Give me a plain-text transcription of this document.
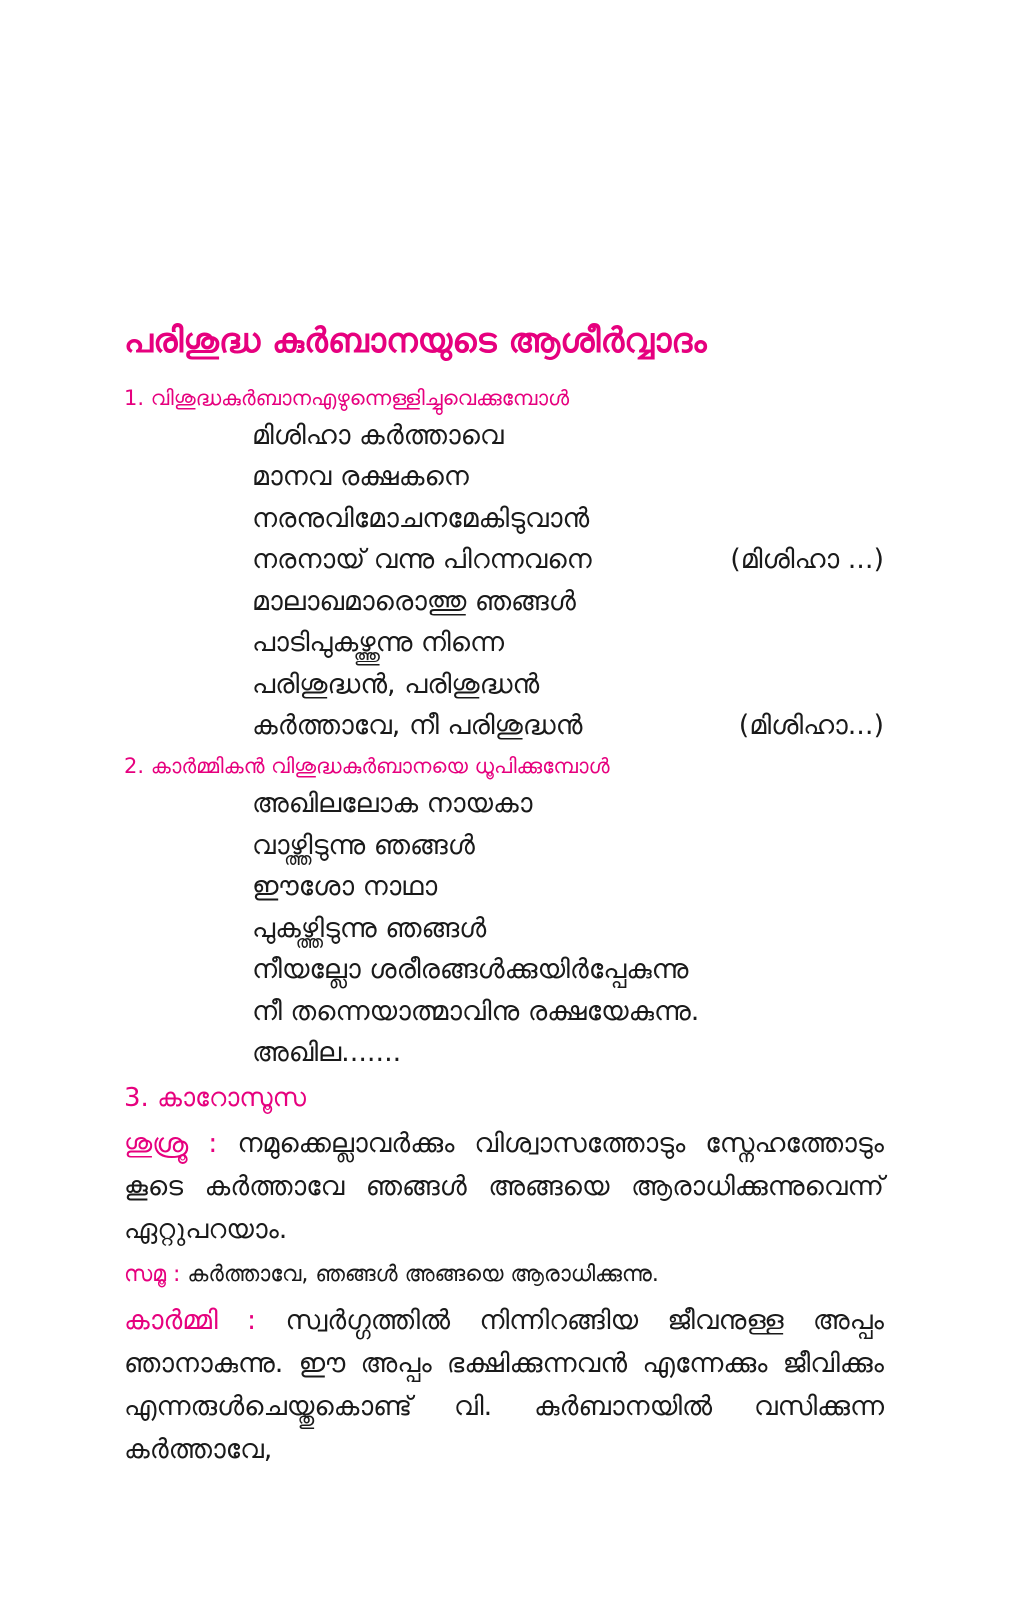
പരിശുദ്ധ കുർബാനയുടെ ആശീർവ്വാദം
1. വിശുദ്ധകുർബാനഎഴുന്നെള്ളിച്ചുവെക്കുമ്പോൾ
മിശിഹാ കർത്താവെ
മാനവ രക്ഷകനെ
നരനുവിമോചനമേകിടുവാൻ
നരനായ് വന്നു പിറന്നവനെ	(മിശിഹാ ...)
മാലാഖമാരൊത്തു ഞങ്ങൾ
പാടിപുകഴ്ത്തുന്നു നിന്നെ
പരിശുദ്ധൻ, പരിശുദ്ധൻ
കർത്താവേ, നീ പരിശുദ്ധൻ	(മിശിഹാ...)
2. കാർമ്മികൻ വിശുദ്ധകുർബാനയെ ധൂപിക്കുമ്പോൾ
അഖിലലോക നായകാ
വാഴ്ത്തിടുന്നു ഞങ്ങൾ
ഈശോ നാഥാ
പുകഴ്ത്തിടുന്നു ഞങ്ങൾ
നീയല്ലോ ശരീരങ്ങൾക്കുയിർപ്പേകുന്നു
നീ തന്നെയാത്മാവിനു രക്ഷയേകുന്നു.
അഖില.......
3. കാറോസൂസ

ശുശ്രൂ : നമുക്കെല്ലാവർക്കും വിശ്വാസത്തോടും സ്നേഹത്തോടും കൂടെ കർത്താവേ ഞങ്ങൾ അങ്ങയെ ആരാധിക്കുന്നുവെന്ന് ഏറ്റുപറയാം.

സമൂ : കർത്താവേ, ഞങ്ങൾ അങ്ങയെ ആരാധിക്കുന്നു.

കാർമ്മി : സ്വർഗ്ഗത്തിൽ നിന്നിറങ്ങിയ ജീവനുള്ള അപ്പം ഞാനാകുന്നു. ഈ അപ്പം ഭക്ഷിക്കുന്നവൻ എന്നേക്കും ജീവിക്കും എന്നരുൾചെയ്തുകൊണ്ട് വി. കുർബാനയിൽ വസിക്കുന്ന കർത്താവേ,
